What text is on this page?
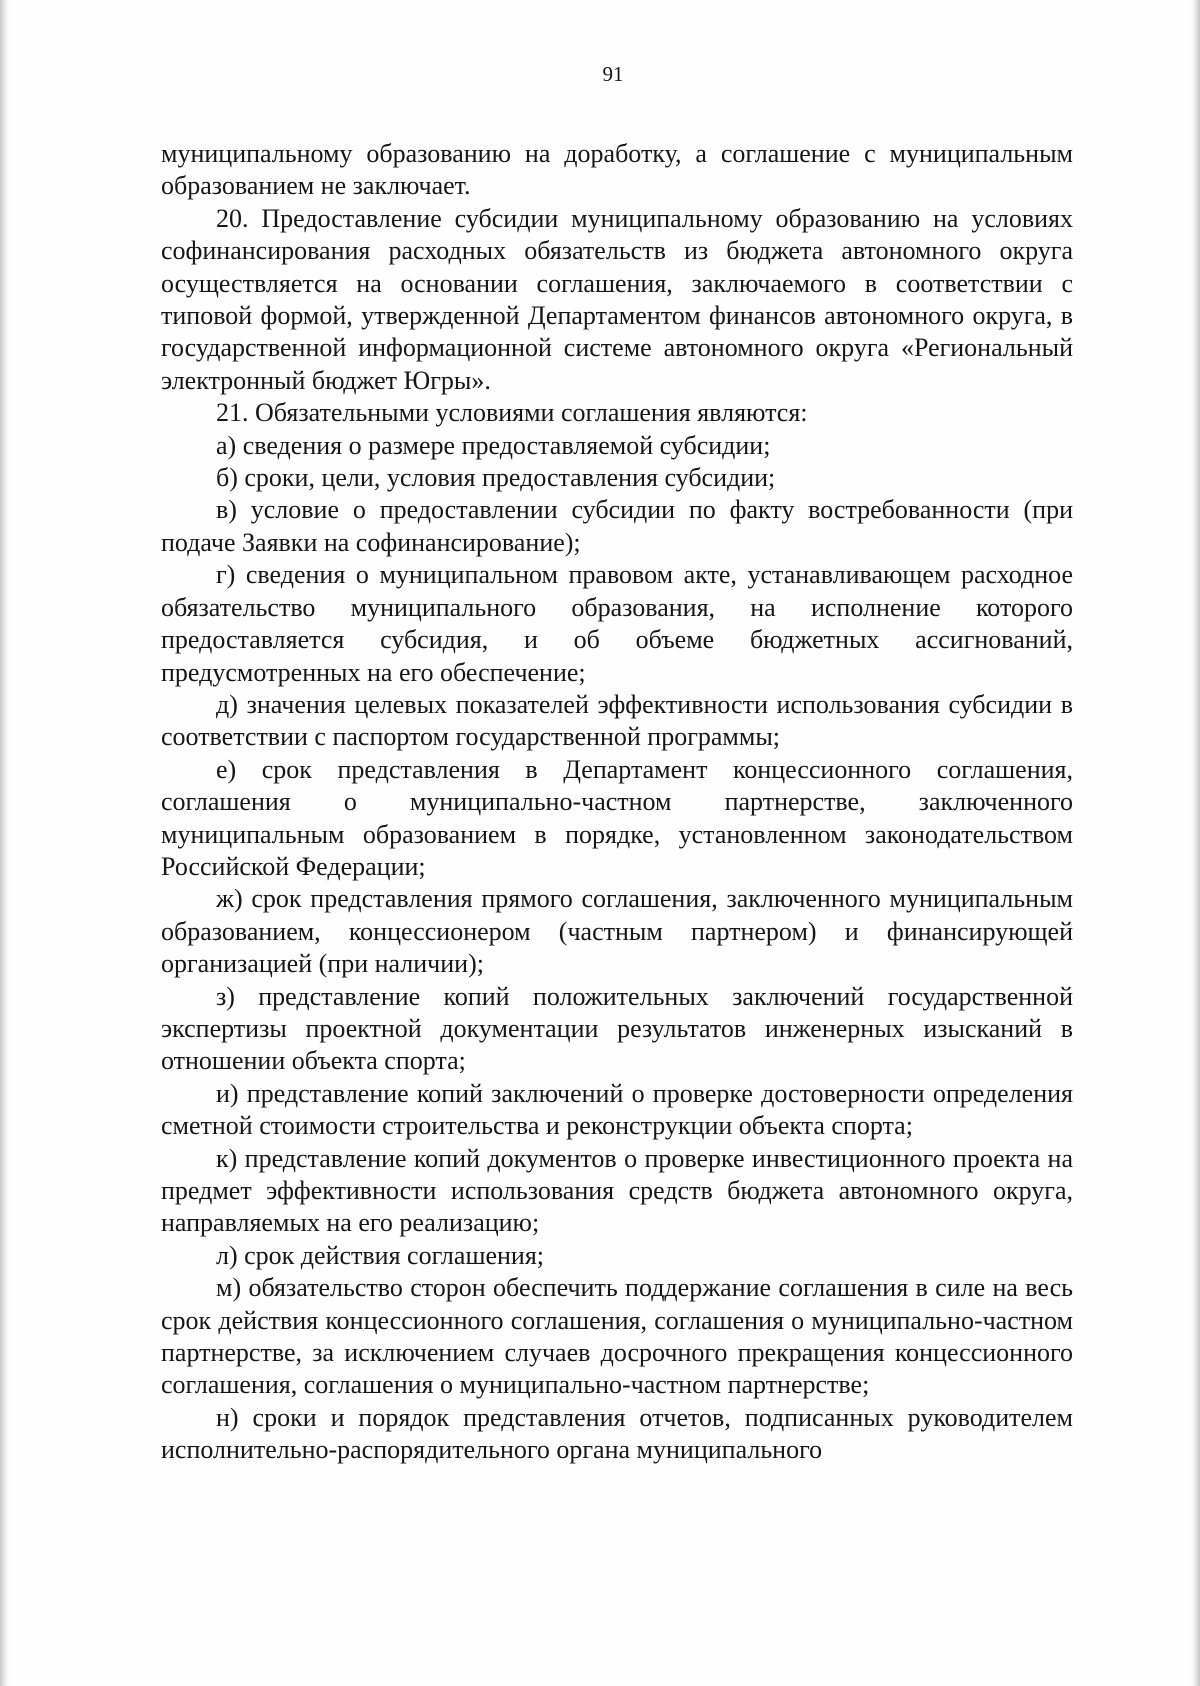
91

муниципальному образованию на доработку, а соглашение с муниципальным образованием не заключает.

20. Предоставление субсидии муниципальному образованию на условиях софинансирования расходных обязательств из бюджета автономного округа осуществляется на основании соглашения, заключаемого в соответствии с типовой формой, утвержденной Департаментом финансов автономного округа, в государственной информационной системе автономного округа «Региональный электронный бюджет Югры».

21. Обязательными условиями соглашения являются:

а) сведения о размере предоставляемой субсидии;

б) сроки, цели, условия предоставления субсидии;

в) условие о предоставлении субсидии по факту востребованности (при подаче Заявки на софинансирование);

г) сведения о муниципальном правовом акте, устанавливающем расходное обязательство муниципального образования, на исполнение которого предоставляется субсидия, и об объеме бюджетных ассигнований, предусмотренных на его обеспечение;

д) значения целевых показателей эффективности использования субсидии в соответствии с паспортом государственной программы;

е) срок представления в Департамент концессионного соглашения, соглашения о муниципально-частном партнерстве, заключенного муниципальным образованием в порядке, установленном законодательством Российской Федерации;

ж) срок представления прямого соглашения, заключенного муниципальным образованием, концессионером (частным партнером) и финансирующей организацией (при наличии);

з) представление копий положительных заключений государственной экспертизы проектной документации результатов инженерных изысканий в отношении объекта спорта;

и) представление копий заключений о проверке достоверности определения сметной стоимости строительства и реконструкции объекта спорта;

к) представление копий документов о проверке инвестиционного проекта на предмет эффективности использования средств бюджета автономного округа, направляемых на его реализацию;

л) срок действия соглашения;

м) обязательство сторон обеспечить поддержание соглашения в силе на весь срок действия концессионного соглашения, соглашения о муниципально-частном партнерстве, за исключением случаев досрочного прекращения концессионного соглашения, соглашения о муниципально-частном партнерстве;

н) сроки и порядок представления отчетов, подписанных руководителем исполнительно-распорядительного органа муниципального
